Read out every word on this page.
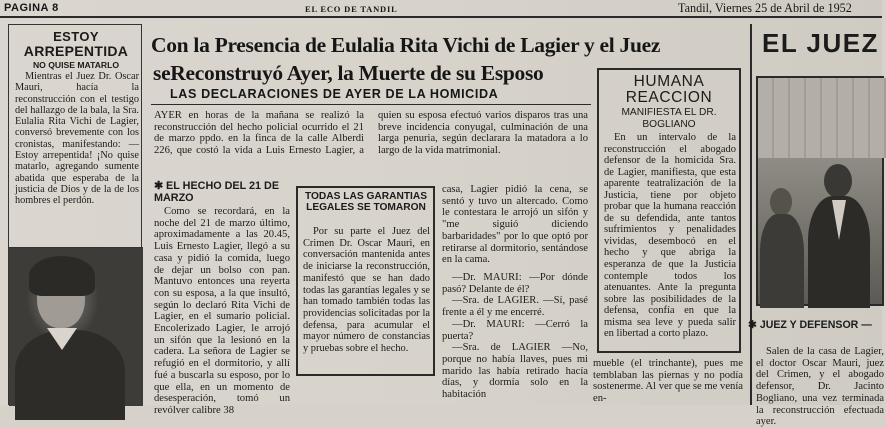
PAGINA 8	EL ECO DE TANDIL	Tandil, Viernes 25 de Abril de 1952
ESTOY
ARREPENTIDA
NO QUISE MATARLO
Mientras el Juez Dr. Oscar Mauri, hacía la reconstrucción con el testigo del hallazgo de la bala, la Sra. Eulalia Rita Vichi de Lagier, conversó brevemente con los cronistas, manifestando: —Estoy arrepentida! ¡No quise matarlo, agregando sumente abatida que esperaba de la justicia de Dios y de la de los hombres el perdón.
Con la Presencia de Eulalia Rita Vichi de Lagier y el Juez
seReconstruyó Ayer, la Muerte de su Esposo
LAS DECLARACIONES DE AYER DE LA HOMICIDA
AYER en horas de la mañana se realizó la reconstrucción del hecho policial ocurrido el 21 de marzo ppdo. en la finca de la calle Alberdi 226, que costó la vida a Luis Ernesto Lagier, a quien su esposa efectuó varios disparos tras una breve incidencia conyugal, culminación de una larga penuria, según declarara la matadora a lo largo de la vida matrimonial.
✱ EL HECHO DEL 21 DE MARZO
Como se recordará, en la noche del 21 de marzo último, aproximadamente a las 20.45, Luis Ernesto Lagier, llegó a su casa y pidió la comida, luego de dejar un bolso con pan. Mantuvo entonces una reyerta con su esposa, a la que insultó, según lo declaró Rita Vichi de Lagier, en el sumario policial. Encolerizado Lagier, le arrojó un sifón que la lesionó en la cadera. La señora de Lagier se refugió en el dormitorio, y allí fué a buscarla su esposo, por lo que ella, en un momento de desesperación, tomó un revólver calibre 38
TODAS LAS GARANTIAS LEGALES SE TOMARON
Por su parte el Juez del Crimen Dr. Oscar Mauri, en conversación mantenida antes de iniciarse la reconstrucción, manifestó que se han dado todas las garantías legales y se han tomado también todas las providencias solicitadas por la defensa, para acumular el mayor número de constancias y pruebas sobre el hecho.
casa, Lagier pidió la cena, se sentó y tuvo un altercado. Como le contestara le arrojó un sifón y "me siguió diciendo barbaridades" por lo que optó por retirarse al dormitorio, sentándose en la cama.
—Dr. MAURI: —Por dónde pasó? Delante de él?
—Sra. de LAGIER. —Sí, pasé frente a él y me encerré.
—Dr. MAURI: —Cerró la puerta?
—Sra. de LAGIER —No, porque no había llaves, pues mi marido las había retirado hacía días, y dormía solo en la habitación
HUMANA
REACCION
MANIFIESTA EL DR. BOGLIANO
En un intervalo de la reconstrucción el abogado defensor de la homicida Sra. de Lagier, manifiesta, que esta aparente teatralización de la Justicia, tiene por objeto probar que la humana reacción de su defendida, ante tantos sufrimientos y penalidades vividas, desembocó en el hecho y que abriga la esperanza de que la Justicia contemple todos los atenuantes. Ante la pregunta sobre las posibilidades de la defensa, confía en que la misma sea leve y pueda salir en libertad a corto plazo.
mueble (el trinchante), pues me temblaban las piernas y no podía sostenerme. Al ver que se me venía en-
EL JUEZ
✱ JUEZ Y DEFENSOR —
Salen de la casa de Lagier, el doctor Oscar Mauri, juez del Crimen, y el abogado defensor, Dr. Jacinto Bogliano, una vez terminada la reconstrucción efectuada ayer.
